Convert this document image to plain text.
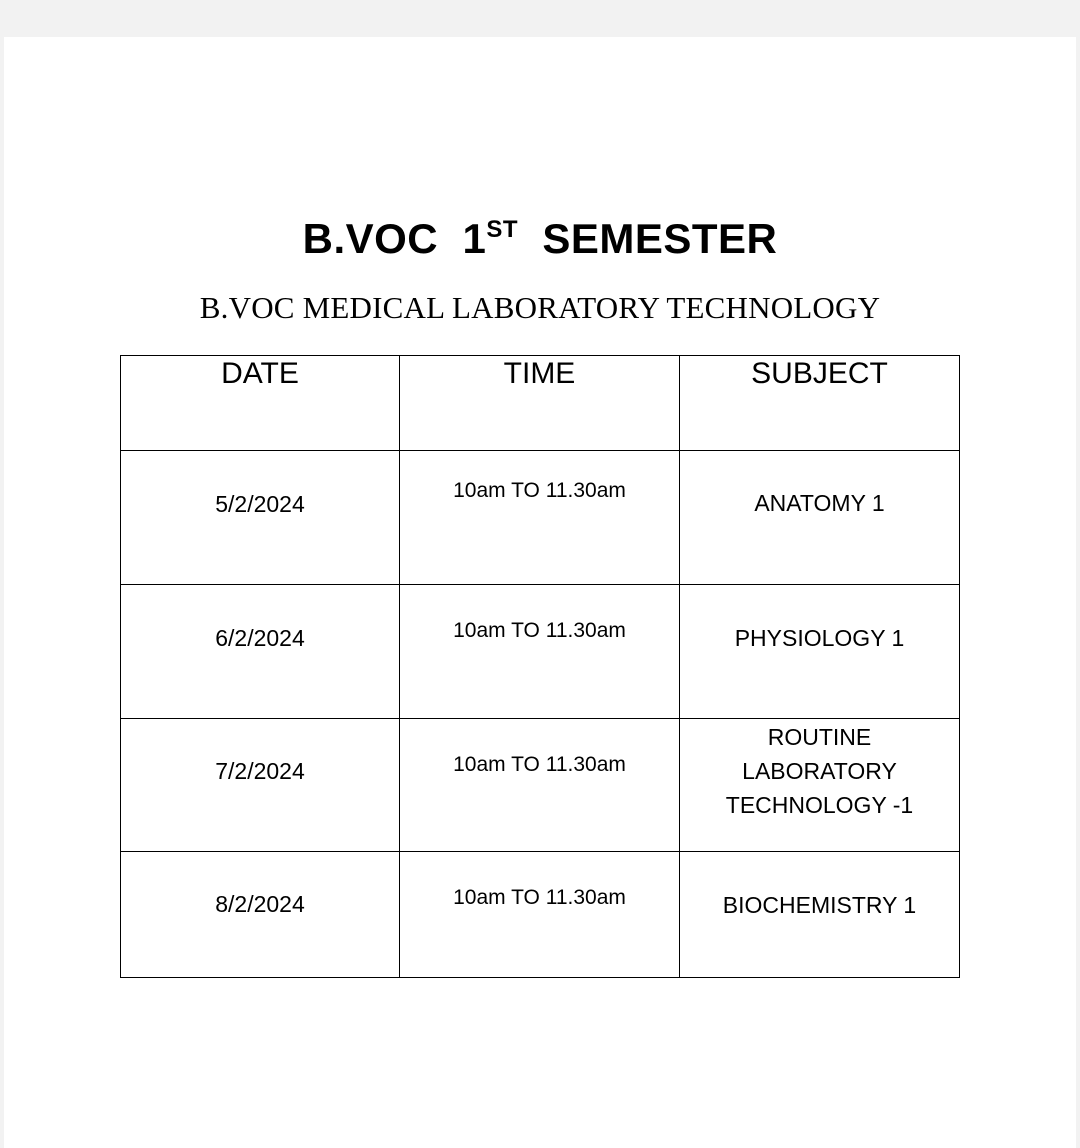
B.VOC  1ST  SEMESTER
B.VOC MEDICAL LABORATORY TECHNOLOGY
DATE	TIME	SUBJECT

5/2/2024	10am TO 11.30am	ANATOMY 1

6/2/2024	10am TO 11.30am	PHYSIOLOGY 1

7/2/2024	10am TO 11.30am	ROUTINE LABORATORY TECHNOLOGY -1

8/2/2024	10am TO 11.30am	BIOCHEMISTRY 1
